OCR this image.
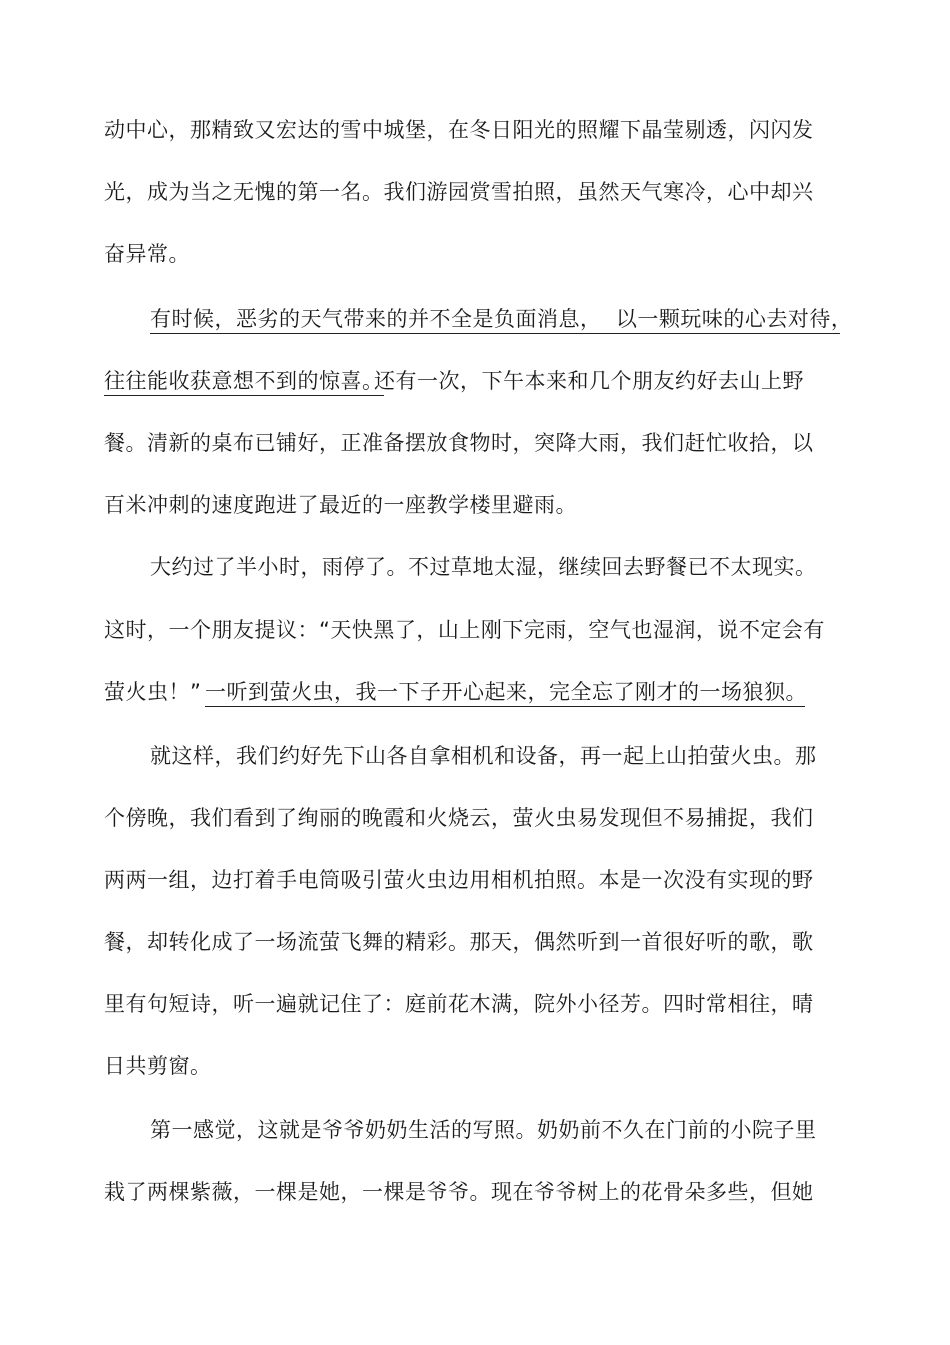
动中心，那精致又宏达的雪中城堡，在冬日阳光的照耀下晶莹剔透，闪闪发
光，成为当之无愧的第一名。我们游园赏雪拍照，虽然天气寒冷，心中却兴
奋异常。
有时候，恶劣的天气带来的并不全是负面消息，  以一颗玩味的心去对待，
往往能收获意想不到的惊喜。
还有一次，下午本来和几个朋友约好去山上野
餐。清新的桌布已铺好，正准备摆放食物时，突降大雨，我们赶忙收拾，以
百米冲刺的速度跑进了最近的一座教学楼里避雨。
大约过了半小时，雨停了。不过草地太湿，继续回去野餐已不太现实。
这时，一个朋友提议：“天快黑了，山上刚下完雨，空气也湿润，说不定会有
萤火虫！” 一听到萤火虫，我一下子开心起来，完全忘了刚才的一场狼狈。
就这样，我们约好先下山各自拿相机和设备，再一起上山拍萤火虫。那
个傍晚，我们看到了绚丽的晚霞和火烧云，萤火虫易发现但不易捕捉，我们
两两一组，边打着手电筒吸引萤火虫边用相机拍照。本是一次没有实现的野
餐，却转化成了一场流萤飞舞的精彩。那天，偶然听到一首很好听的歌，歌
里有句短诗，听一遍就记住了：庭前花木满，院外小径芳。四时常相往，晴
日共剪窗。
第一感觉，这就是爷爷奶奶生活的写照。奶奶前不久在门前的小院子里
栽了两棵紫薇，一棵是她，一棵是爷爷。现在爷爷树上的花骨朵多些，但她
